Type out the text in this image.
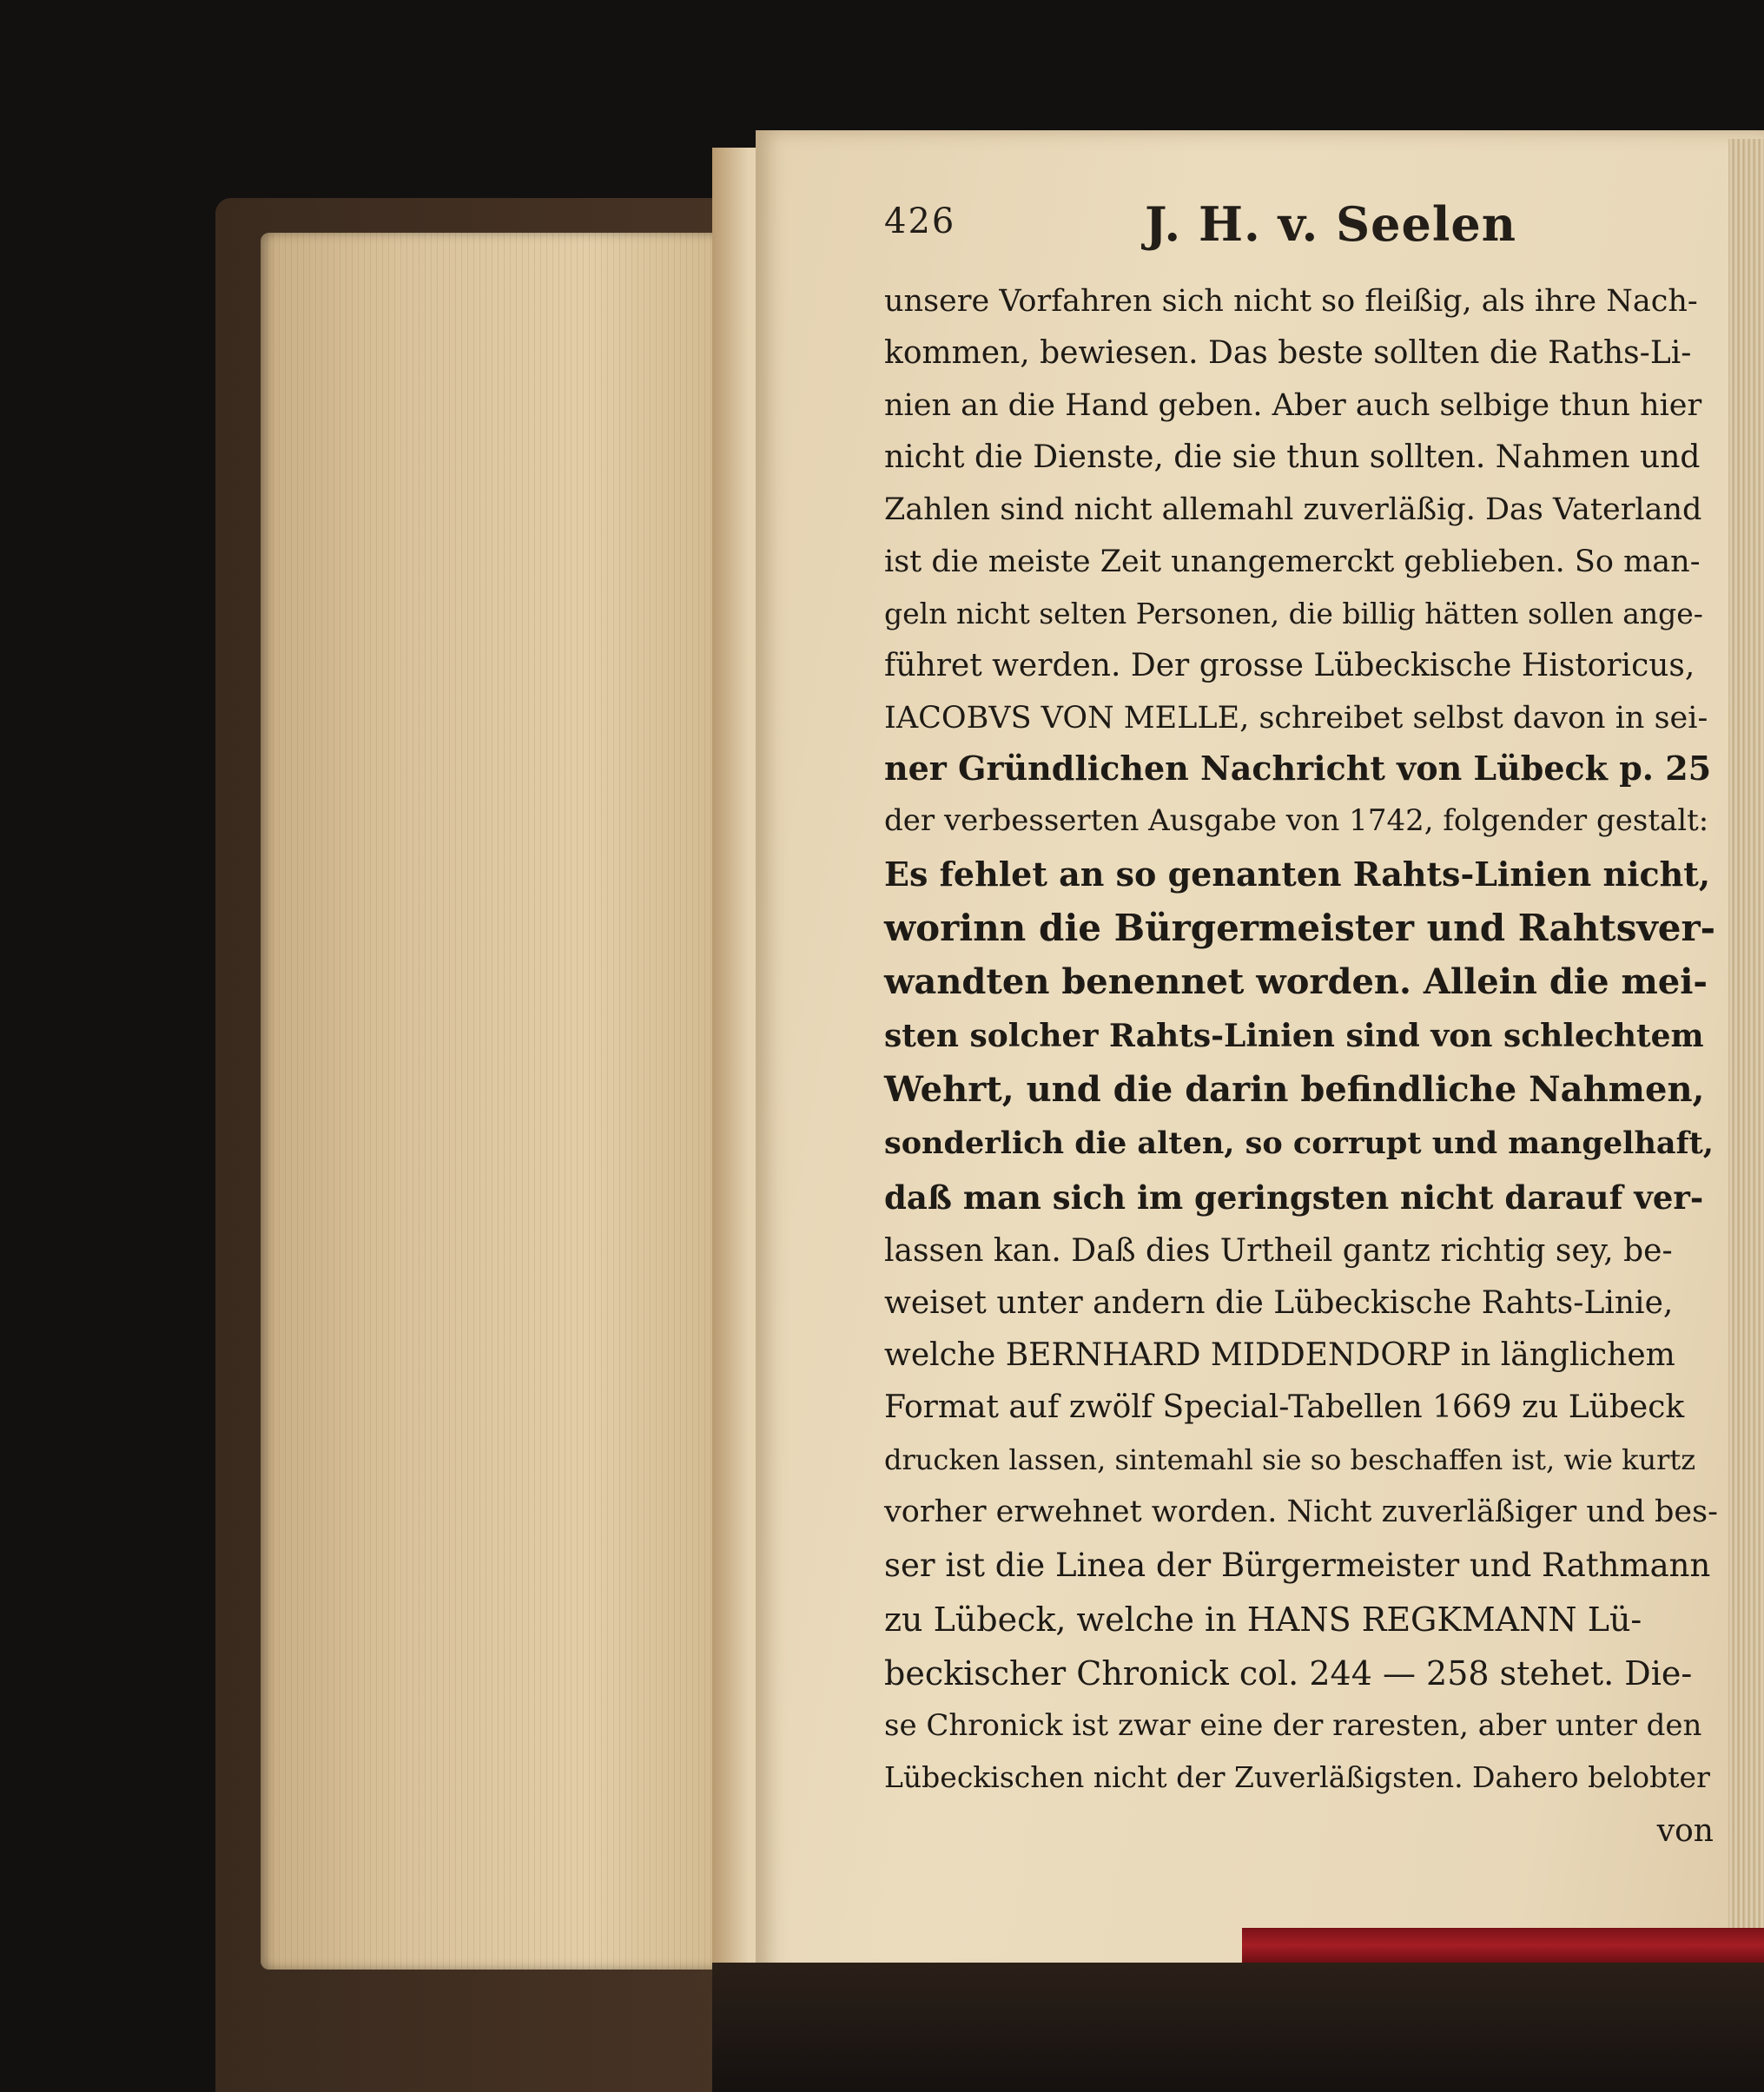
426	J. H. v. Seelen
unsere Vorfahren sich nicht so fleißig, als ihre Nach-
kommen, bewiesen. Das beste sollten die Raths-Li-
nien an die Hand geben. Aber auch selbige thun hier
nicht die Dienste, die sie thun sollten. Nahmen und
Zahlen sind nicht allemahl zuverläßig. Das Vaterland
ist die meiste Zeit unangemerckt geblieben. So man-
geln nicht selten Personen, die billig hätten sollen ange-
führet werden. Der grosse Lübeckische Historicus,
IACOBVS VON MELLE, schreibet selbst davon in sei-
ner Gründlichen Nachricht von Lübeck p. 25
der verbesserten Ausgabe von 1742, folgender gestalt:
Es fehlet an so genanten Rahts-Linien nicht,
worinn die Bürgermeister und Rahtsver-
wandten benennet worden. Allein die mei-
sten solcher Rahts-Linien sind von schlechtem
Wehrt, und die darin befindliche Nahmen,
sonderlich die alten, so corrupt und mangelhaft,
daß man sich im geringsten nicht darauf ver-
lassen kan. Daß dies Urtheil gantz richtig sey, be-
weiset unter andern die Lübeckische Rahts-Linie,
welche BERNHARD MIDDENDORP in länglichem
Format auf zwölf Special-Tabellen 1669 zu Lübeck
drucken lassen, sintemahl sie so beschaffen ist, wie kurtz
vorher erwehnet worden. Nicht zuverläßiger und bes-
ser ist die Linea der Bürgermeister und Rathmann
zu Lübeck, welche in HANS REGKMANN Lü-
beckischer Chronick col. 244 — 258 stehet. Die-
se Chronick ist zwar eine der raresten, aber unter den
Lübeckischen nicht der Zuverläßigsten. Dahero belobter
von
